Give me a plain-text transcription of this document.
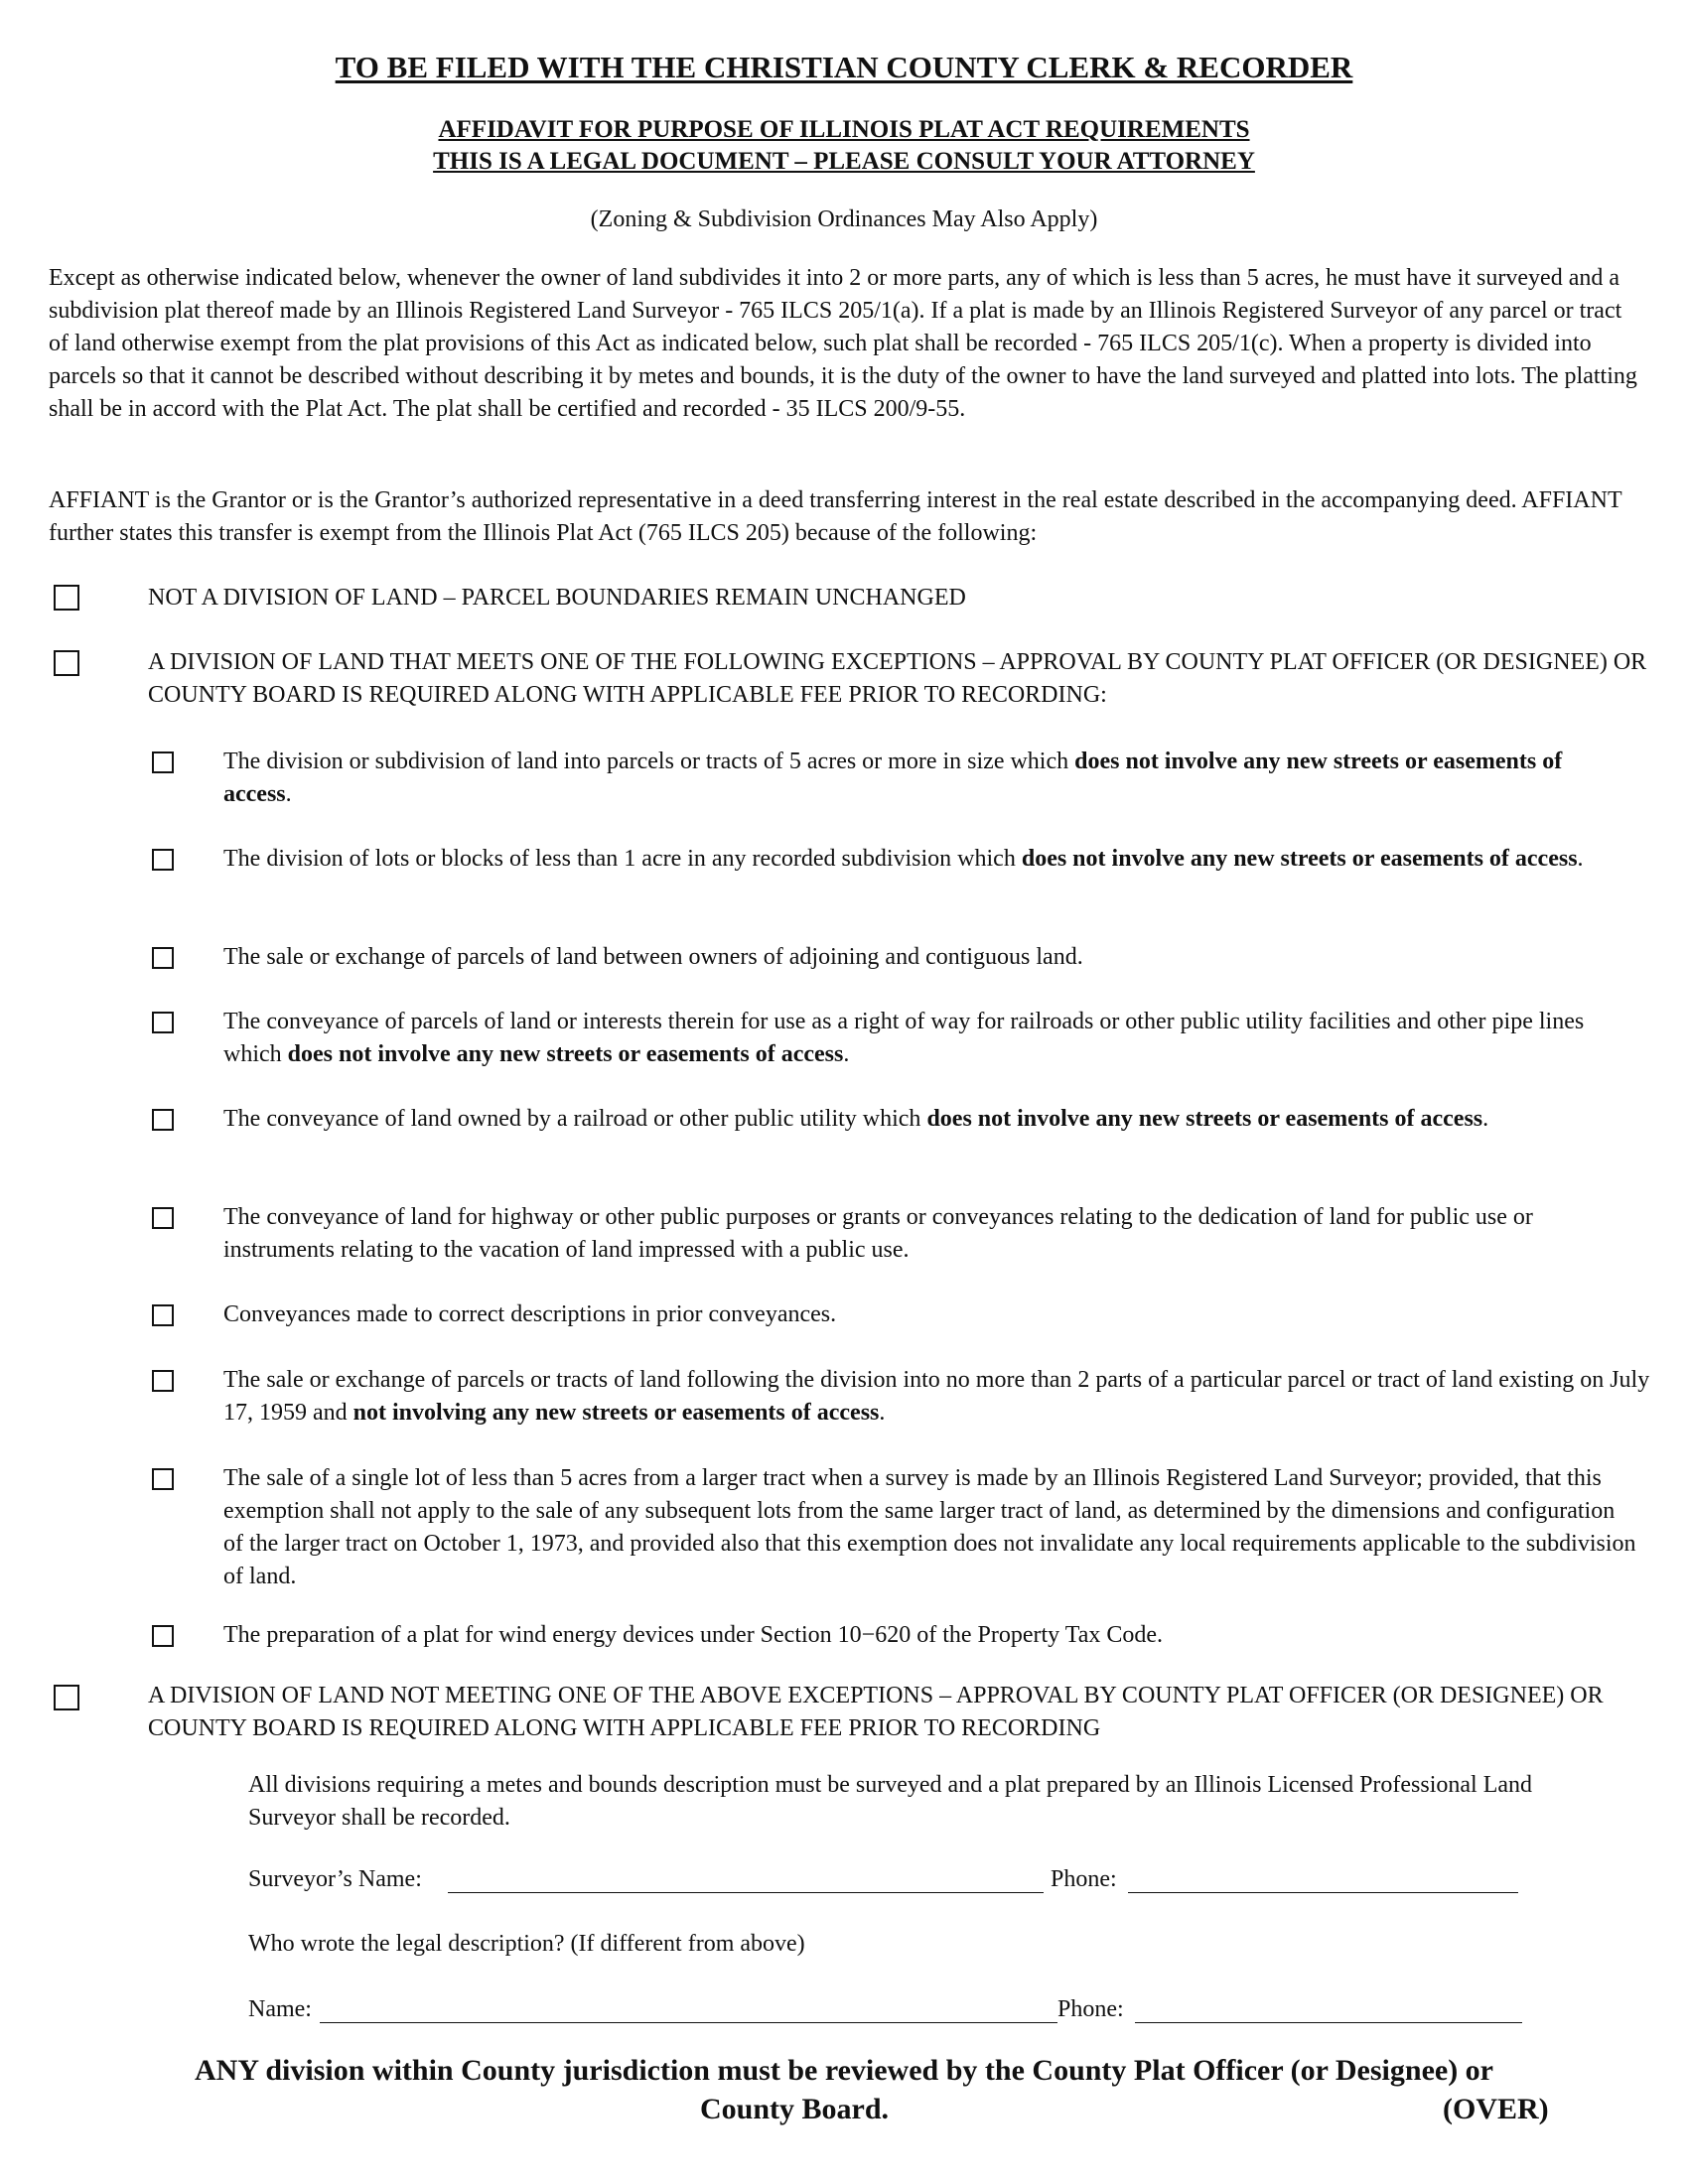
TO BE FILED WITH THE CHRISTIAN COUNTY CLERK & RECORDER
AFFIDAVIT FOR PURPOSE OF ILLINOIS PLAT ACT REQUIREMENTS
THIS IS A LEGAL DOCUMENT – PLEASE CONSULT YOUR ATTORNEY
(Zoning & Subdivision Ordinances May Also Apply)
Except as otherwise indicated below, whenever the owner of land subdivides it into 2 or more parts, any of which is less than 5 acres, he must have it surveyed and a subdivision plat thereof made by an Illinois Registered Land Surveyor - 765 ILCS 205/1(a). If a plat is made by an Illinois Registered Surveyor of any parcel or tract of land otherwise exempt from the plat provisions of this Act as indicated below, such plat shall be recorded - 765 ILCS 205/1(c). When a property is divided into parcels so that it cannot be described without describing it by metes and bounds, it is the duty of the owner to have the land surveyed and platted into lots. The platting shall be in accord with the Plat Act. The plat shall be certified and recorded - 35 ILCS 200/9-55.
AFFIANT is the Grantor or is the Grantor’s authorized representative in a deed transferring interest in the real estate described in the accompanying deed. AFFIANT further states this transfer is exempt from the Illinois Plat Act (765 ILCS 205) because of the following:
NOT A DIVISION OF LAND – PARCEL BOUNDARIES REMAIN UNCHANGED
A DIVISION OF LAND THAT MEETS ONE OF THE FOLLOWING EXCEPTIONS – APPROVAL BY COUNTY PLAT OFFICER (OR DESIGNEE) OR COUNTY BOARD IS REQUIRED ALONG WITH APPLICABLE FEE PRIOR TO RECORDING:
The division or subdivision of land into parcels or tracts of 5 acres or more in size which does not involve any new streets or easements of access.
The division of lots or blocks of less than 1 acre in any recorded subdivision which does not involve any new streets or easements of access.
The sale or exchange of parcels of land between owners of adjoining and contiguous land.
The conveyance of parcels of land or interests therein for use as a right of way for railroads or other public utility facilities and other pipe lines which does not involve any new streets or easements of access.
The conveyance of land owned by a railroad or other public utility which does not involve any new streets or easements of access.
The conveyance of land for highway or other public purposes or grants or conveyances relating to the dedication of land for public use or instruments relating to the vacation of land impressed with a public use.
Conveyances made to correct descriptions in prior conveyances.
The sale or exchange of parcels or tracts of land following the division into no more than 2 parts of a particular parcel or tract of land existing on July 17, 1959 and not involving any new streets or easements of access.
The sale of a single lot of less than 5 acres from a larger tract when a survey is made by an Illinois Registered Land Surveyor; provided, that this exemption shall not apply to the sale of any subsequent lots from the same larger tract of land, as determined by the dimensions and configuration of the larger tract on October 1, 1973, and provided also that this exemption does not invalidate any local requirements applicable to the subdivision of land.
The preparation of a plat for wind energy devices under Section 10−620 of the Property Tax Code.
A DIVISION OF LAND NOT MEETING ONE OF THE ABOVE EXCEPTIONS – APPROVAL BY COUNTY PLAT OFFICER (OR DESIGNEE) OR COUNTY BOARD IS REQUIRED ALONG WITH APPLICABLE FEE PRIOR TO RECORDING
All divisions requiring a metes and bounds description must be surveyed and a plat prepared by an Illinois Licensed Professional Land Surveyor shall be recorded.
Surveyor’s Name:	Phone:
Who wrote the legal description? (If different from above)
Name:	Phone:
ANY division within County jurisdiction must be reviewed by the County Plat Officer (or Designee) or
County Board.	(OVER)
